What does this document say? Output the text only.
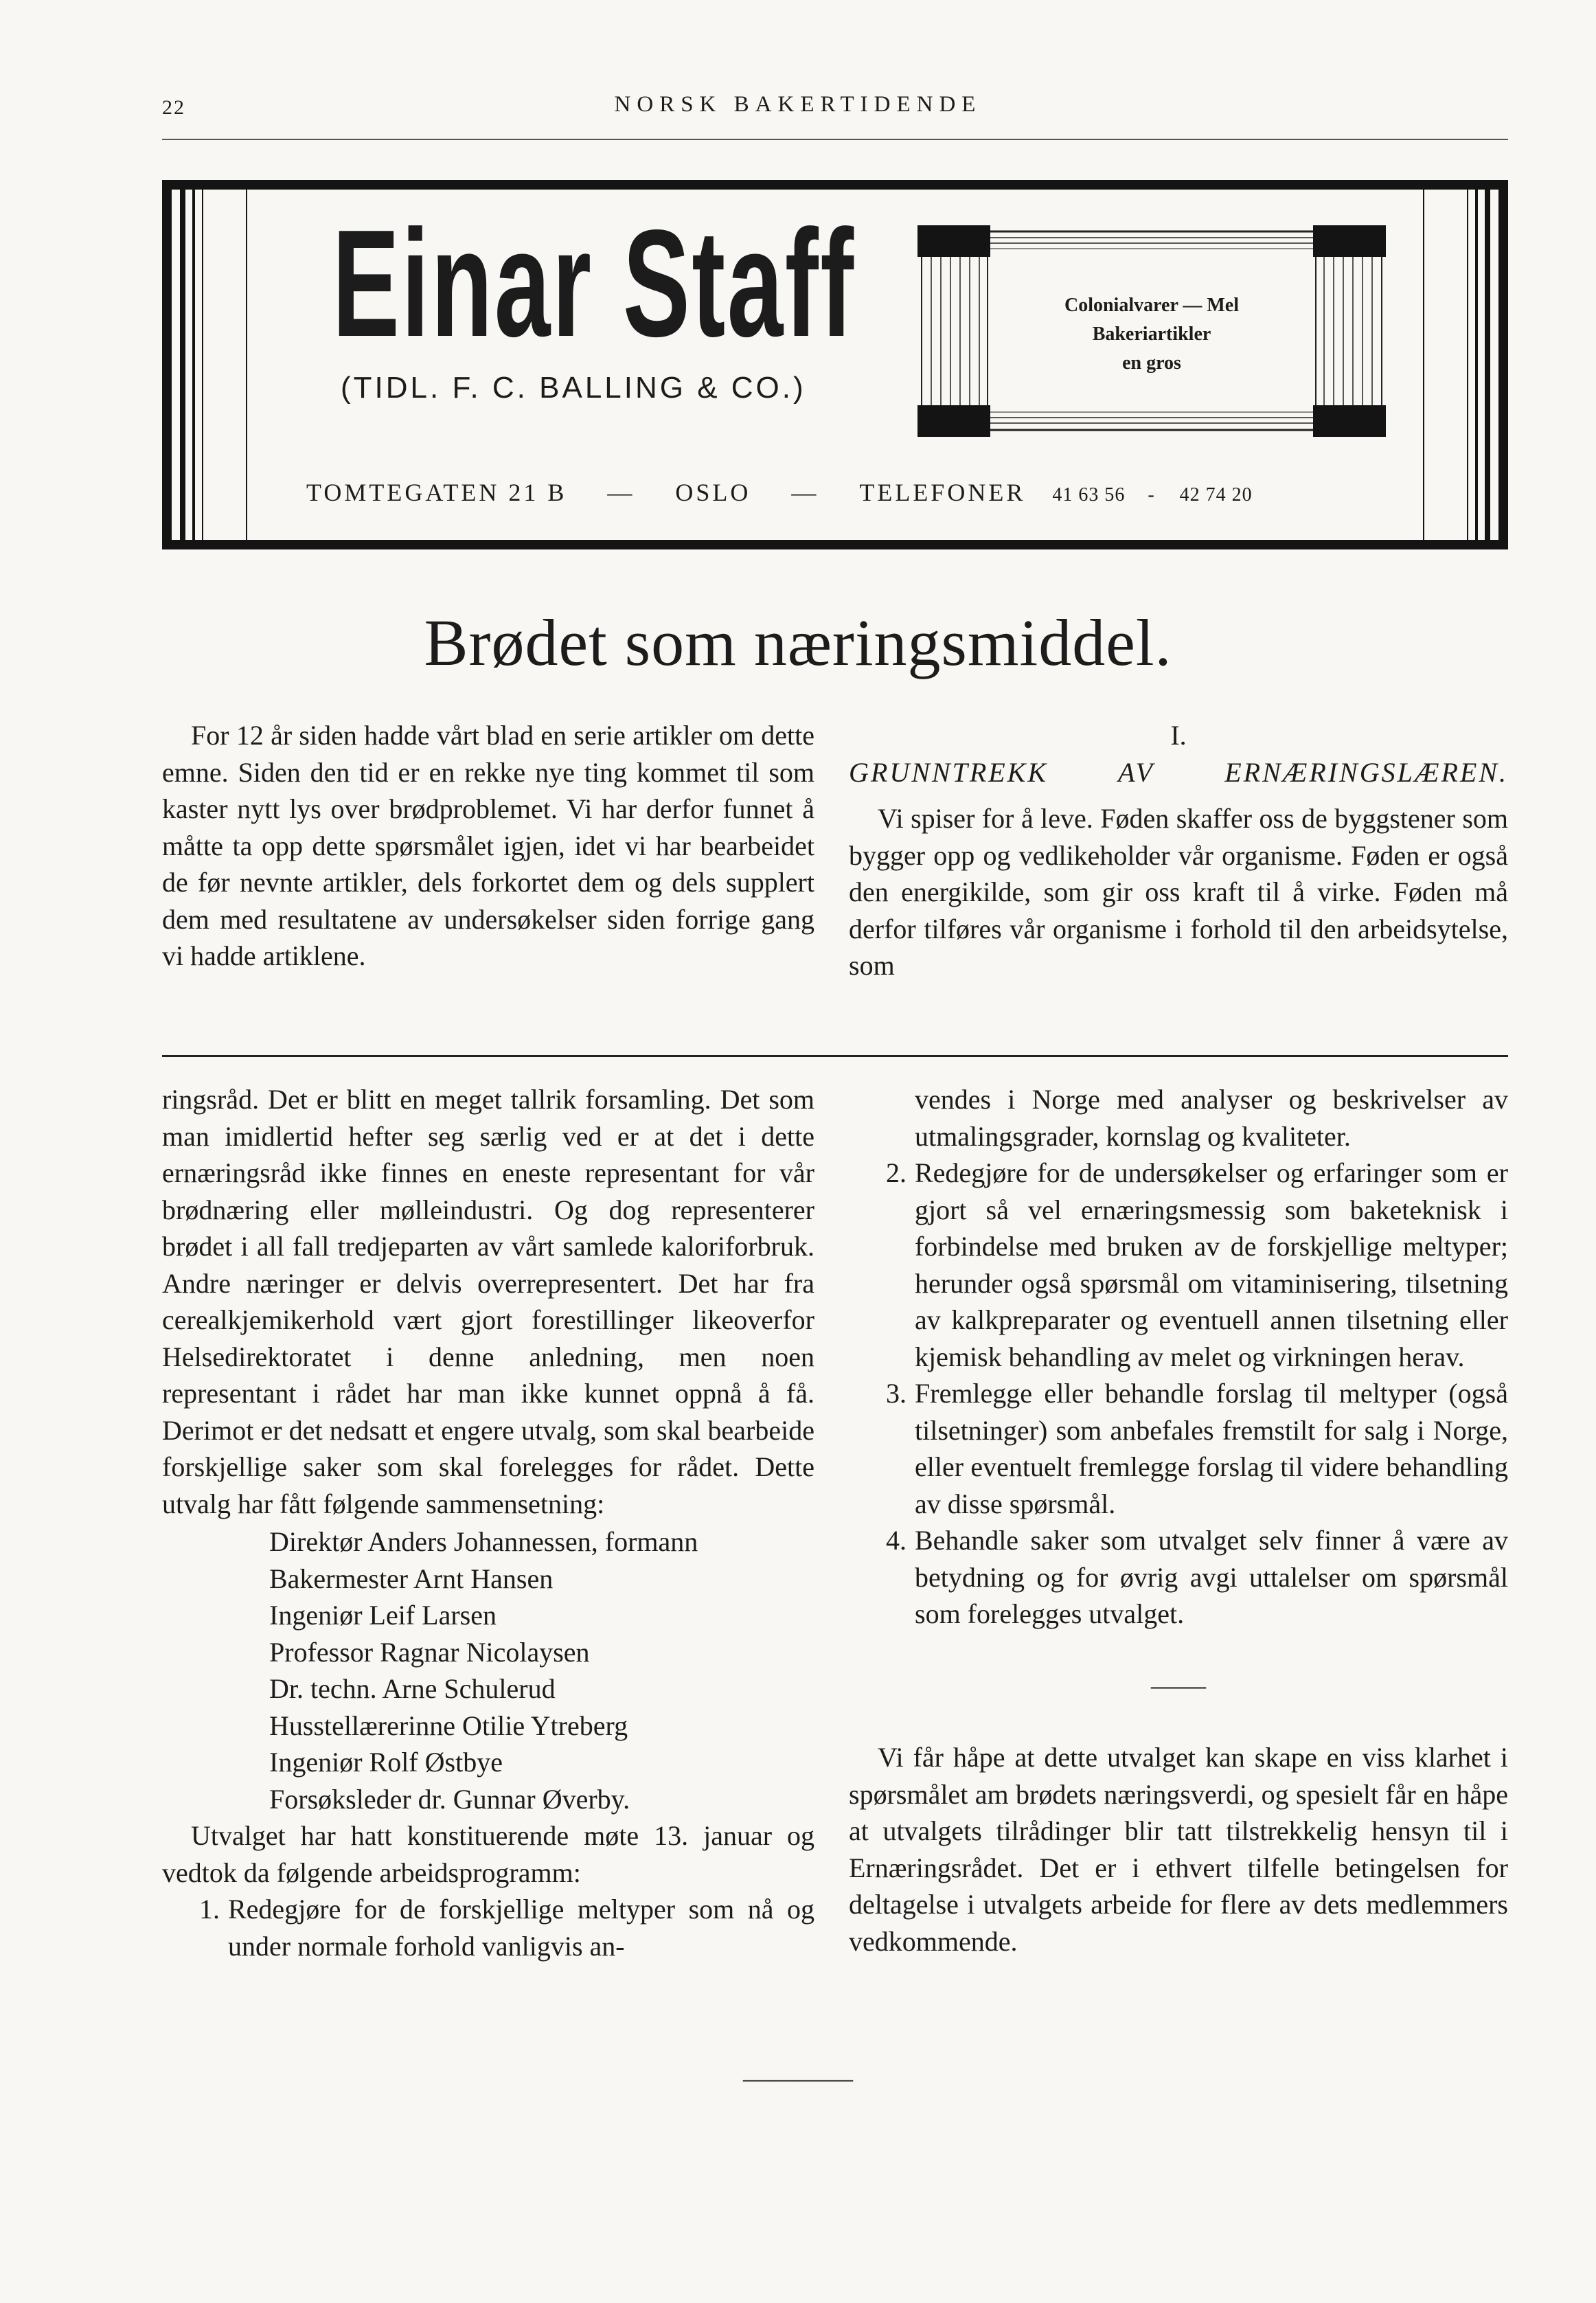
22	NORSK BAKERTIDENDE
Einar Staff
(TIDL. F. C. BALLING & CO.)
Colonialvarer — Mel
Bakeriartikler
en gros
TOMTEGATEN 21 B — OSLO — TELEFONER 41 63 56 - 42 74 20
Brødet som næringsmiddel.

For 12 år siden hadde vårt blad en serie artikler om dette emne. Siden den tid er en rekke nye ting kommet til som kaster nytt lys over brødproblemet. Vi har derfor funnet å måtte ta opp dette spørsmålet igjen, idet vi har bearbeidet de før nevnte artikler, dels forkortet dem og dels supplert dem med resultatene av undersøkelser siden forrige gang vi hadde artiklene.

I.

GRUNNTREKK AV ERNÆRINGSLÆREN.

Vi spiser for å leve. Føden skaffer oss de byggstener som bygger opp og vedlikeholder vår organisme. Føden er også den energikilde, som gir oss kraft til å virke. Føden må derfor tilføres vår organisme i forhold til den arbeidsytelse, som

ringsråd. Det er blitt en meget tallrik forsamling. Det som man imidlertid hefter seg særlig ved er at det i dette ernæringsråd ikke finnes en eneste representant for vår brødnæring eller mølleindustri. Og dog representerer brødet i all fall tredjeparten av vårt samlede kaloriforbruk. Andre næringer er delvis overrepresentert. Det har fra cerealkjemikerhold vært gjort forestillinger likeoverfor Helsedirektoratet i denne anledning, men noen representant i rådet har man ikke kunnet oppnå å få. Derimot er det nedsatt et engere utvalg, som skal bearbeide forskjellige saker som skal forelegges for rådet. Dette utvalg har fått følgende sammensetning:

Direktør Anders Johannessen, formann
Bakermester Arnt Hansen
Ingeniør Leif Larsen
Professor Ragnar Nicolaysen
Dr. techn. Arne Schulerud
Husstellærerinne Otilie Ytreberg
Ingeniør Rolf Østbye
Forsøksleder dr. Gunnar Øverby.

Utvalget har hatt konstituerende møte 13. januar og vedtok da følgende arbeidsprogramm:

1. Redegjøre for de forskjellige meltyper som nå og under normale forhold vanligvis an-

vendes i Norge med analyser og beskrivelser av utmalingsgrader, kornslag og kvaliteter.

2. Redegjøre for de undersøkelser og erfaringer som er gjort så vel ernæringsmessig som baketeknisk i forbindelse med bruken av de forskjellige meltyper; herunder også spørsmål om vitaminisering, tilsetning av kalkpreparater og eventuell annen tilsetning eller kjemisk behandling av melet og virkningen herav.
3. Fremlegge eller behandle forslag til meltyper (også tilsetninger) som anbefales fremstilt for salg i Norge, eller eventuelt fremlegge forslag til videre behandling av disse spørsmål.
4. Behandle saker som utvalget selv finner å være av betydning og for øvrig avgi uttalelser om spørsmål som forelegges utvalget.

——

Vi får håpe at dette utvalget kan skape en viss klarhet i spørsmålet am brødets næringsverdi, og spesielt får en håpe at utvalgets tilrådinger blir tatt tilstrekkelig hensyn til i Ernæringsrådet. Det er i ethvert tilfelle betingelsen for deltagelse i utvalgets arbeide for flere av dets medlemmers vedkommende.

————
